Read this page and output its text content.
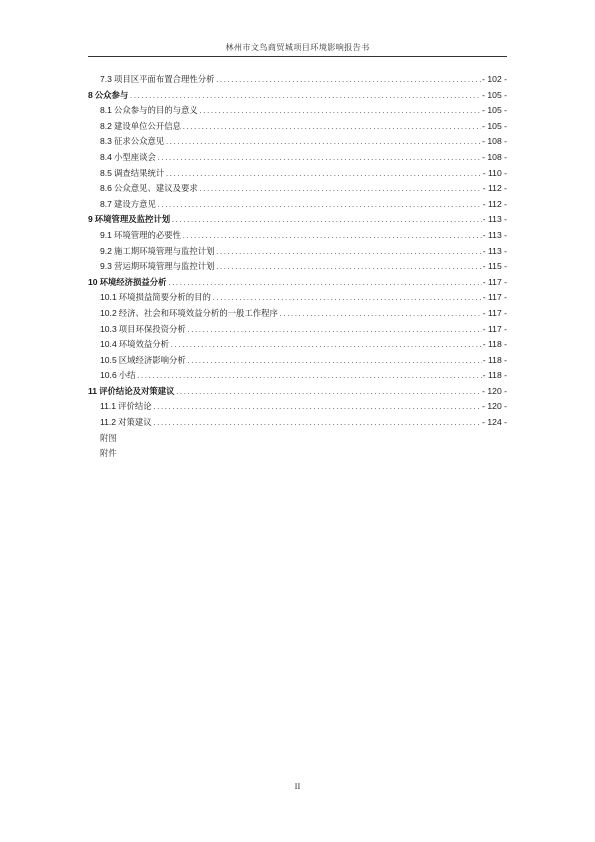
林州市文鸟商贸城项目环境影响报告书
7.3 项目区平面布置合理性分析 .....	- 102 -
8 公众参与 .....	- 105 -
8.1 公众参与的目的与意义 .....	- 105 -
8.2 建设单位公开信息 .....	- 105 -
8.3 征求公众意见 .....	- 108 -
8.4 小型座谈会 .....	- 108 -
8.5 调查结果统计 .....	- 110 -
8.6 公众意见、建议及要求 .....	- 112 -
8.7 建设方意见 .....	- 112 -
9 环境管理及监控计划 .....	- 113 -
9.1 环境管理的必要性 .....	- 113 -
9.2 施工期环境管理与监控计划 .....	- 113 -
9.3 营运期环境管理与监控计划 .....	- 115 -
10 环境经济损益分析 .....	- 117 -
10.1 环境损益简要分析的目的 .....	- 117 -
10.2 经济、社会和环境效益分析的一般工作程序 .....	- 117 -
10.3 项目环保投资分析 .....	- 117 -
10.4 环境效益分析 .....	- 118 -
10.5 区域经济影响分析 .....	- 118 -
10.6 小结 .....	- 118 -
11 评价结论及对策建议 .....	- 120 -
11.1 评价结论 .....	- 120 -
11.2 对策建议 .....	- 124 -
附图
附件
II
